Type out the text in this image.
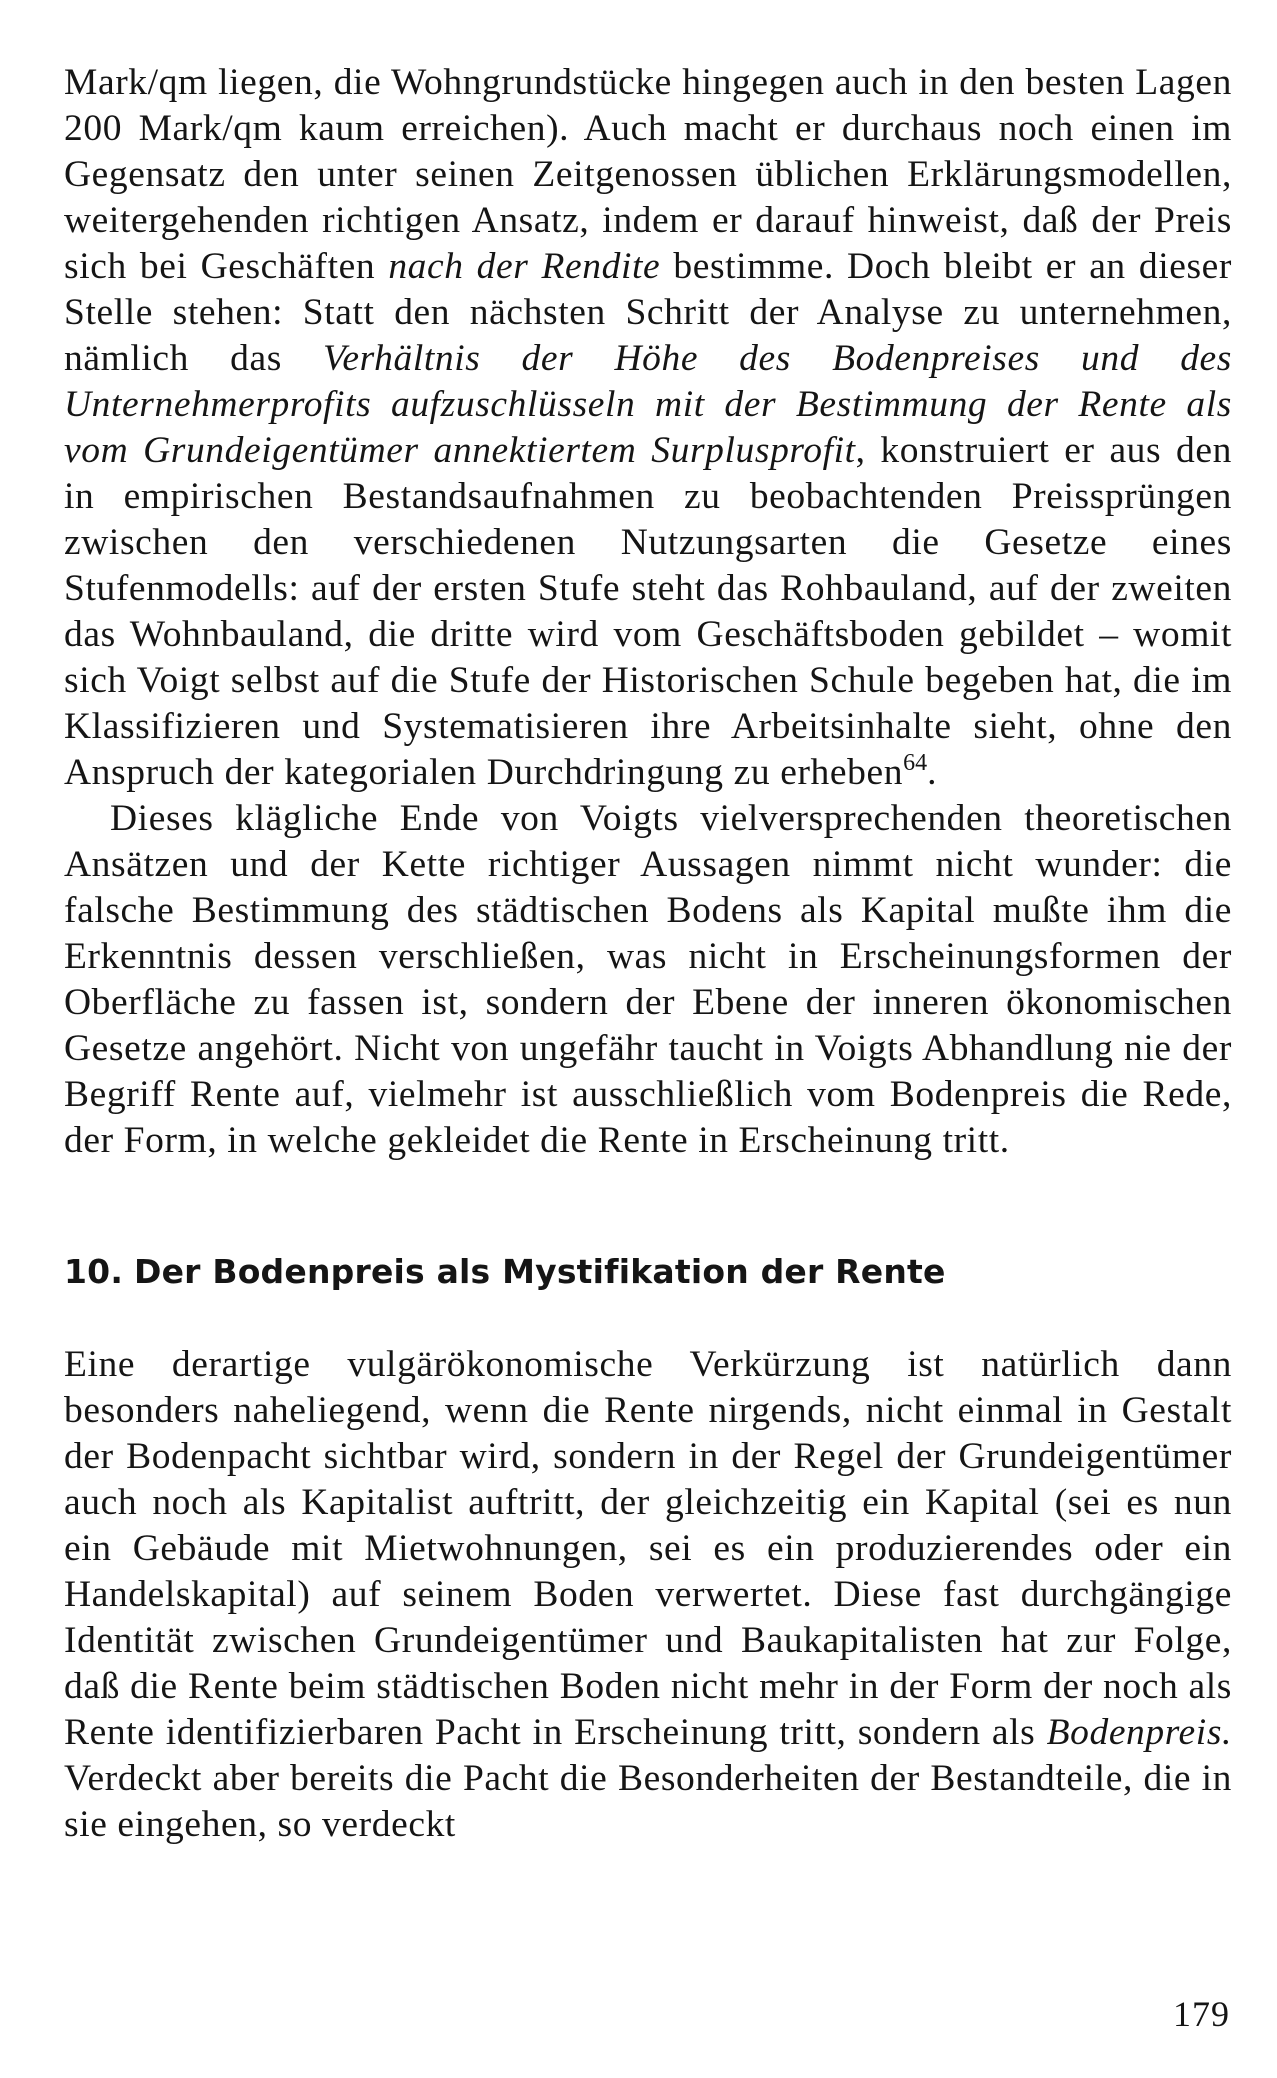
Mark/qm liegen, die Wohngrundstücke hingegen auch in den besten Lagen 200 Mark/qm kaum erreichen). Auch macht er durchaus noch einen im Gegensatz den unter seinen Zeitgenossen üblichen Erklärungsmodellen, weitergehenden richtigen Ansatz, indem er darauf hinweist, daß der Preis sich bei Geschäften nach der Rendite bestimme. Doch bleibt er an dieser Stelle stehen: Statt den nächsten Schritt der Analyse zu unternehmen, nämlich das Verhältnis der Höhe des Bodenpreises und des Unternehmerprofits aufzuschlüsseln mit der Bestimmung der Rente als vom Grundeigentümer annektiertem Surplusprofit, konstruiert er aus den in empirischen Bestandsaufnahmen zu beobachtenden Preissprüngen zwischen den verschiedenen Nutzungsarten die Gesetze eines Stufenmodells: auf der ersten Stufe steht das Rohbauland, auf der zweiten das Wohnbauland, die dritte wird vom Geschäftsboden gebildet – womit sich Voigt selbst auf die Stufe der Historischen Schule begeben hat, die im Klassifizieren und Systematisieren ihre Arbeitsinhalte sieht, ohne den Anspruch der kategorialen Durchdringung zu erheben$^{64}$.

Dieses klägliche Ende von Voigts vielversprechenden theoretischen Ansätzen und der Kette richtiger Aussagen nimmt nicht wunder: die falsche Bestimmung des städtischen Bodens als Kapital mußte ihm die Erkenntnis dessen verschließen, was nicht in Erscheinungsformen der Oberfläche zu fassen ist, sondern der Ebene der inneren ökonomischen Gesetze angehört. Nicht von ungefähr taucht in Voigts Abhandlung nie der Begriff Rente auf, vielmehr ist ausschließlich vom Bodenpreis die Rede, der Form, in welche gekleidet die Rente in Erscheinung tritt.

10. Der Bodenpreis als Mystifikation der Rente

Eine derartige vulgärökonomische Verkürzung ist natürlich dann besonders naheliegend, wenn die Rente nirgends, nicht einmal in Gestalt der Bodenpacht sichtbar wird, sondern in der Regel der Grundeigentümer auch noch als Kapitalist auftritt, der gleichzeitig ein Kapital (sei es nun ein Gebäude mit Mietwohnungen, sei es ein produzierendes oder ein Handelskapital) auf seinem Boden verwertet. Diese fast durchgängige Identität zwischen Grundeigentümer und Baukapitalisten hat zur Folge, daß die Rente beim städtischen Boden nicht mehr in der Form der noch als Rente identifizierbaren Pacht in Erscheinung tritt, sondern als Bodenpreis. Verdeckt aber bereits die Pacht die Besonderheiten der Bestandteile, die in sie eingehen, so verdeckt

179
